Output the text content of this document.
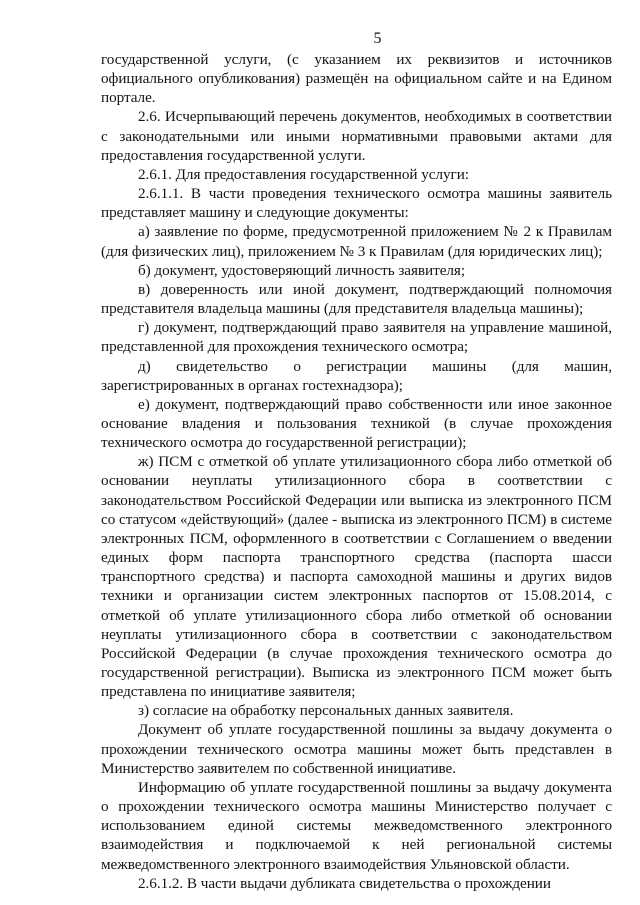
5

государственной услуги, (с указанием их реквизитов и источников официального опубликования) размещён на официальном сайте и на Едином портале.

2.6. Исчерпывающий перечень документов, необходимых в соответствии с законодательными или иными нормативными правовыми актами для предоставления государственной услуги.

2.6.1. Для предоставления государственной услуги:

2.6.1.1. В части проведения технического осмотра машины заявитель представляет машину и следующие документы:

а) заявление по форме, предусмотренной приложением № 2 к Правилам (для физических лиц), приложением № 3 к Правилам (для юридических лиц);

б) документ, удостоверяющий личность заявителя;

в) доверенность или иной документ, подтверждающий полномочия представителя владельца машины (для представителя владельца машины);

г) документ, подтверждающий право заявителя на управление машиной, представленной для прохождения технического осмотра;

д) свидетельство о регистрации машины (для машин, зарегистрированных в органах гостехнадзора);

е) документ, подтверждающий право собственности или иное законное основание владения и пользования техникой (в случае прохождения технического осмотра до государственной регистрации);

ж) ПСМ с отметкой об уплате утилизационного сбора либо отметкой об основании неуплаты утилизационного сбора в соответствии с законодательством Российской Федерации или выписка из электронного ПСМ со статусом «действующий» (далее - выписка из электронного ПСМ) в системе электронных ПСМ, оформленного в соответствии с Соглашением о введении единых форм паспорта транспортного средства (паспорта шасси транспортного средства) и паспорта самоходной машины и других видов техники и организации систем электронных паспортов от 15.08.2014, с отметкой об уплате утилизационного сбора либо отметкой об основании неуплаты утилизационного сбора в соответствии с законодательством Российской Федерации (в случае прохождения технического осмотра до государственной регистрации). Выписка из электронного ПСМ может быть представлена по инициативе заявителя;

з) согласие на обработку персональных данных заявителя.

Документ об уплате государственной пошлины за выдачу документа о прохождении технического осмотра машины может быть представлен в Министерство заявителем по собственной инициативе.

Информацию об уплате государственной пошлины за выдачу документа о прохождении технического осмотра машины Министерство получает с использованием единой системы межведомственного электронного взаимодействия и подключаемой к ней региональной системы межведомственного электронного взаимодействия Ульяновской области.

2.6.1.2. В части выдачи дубликата свидетельства о прохождении
